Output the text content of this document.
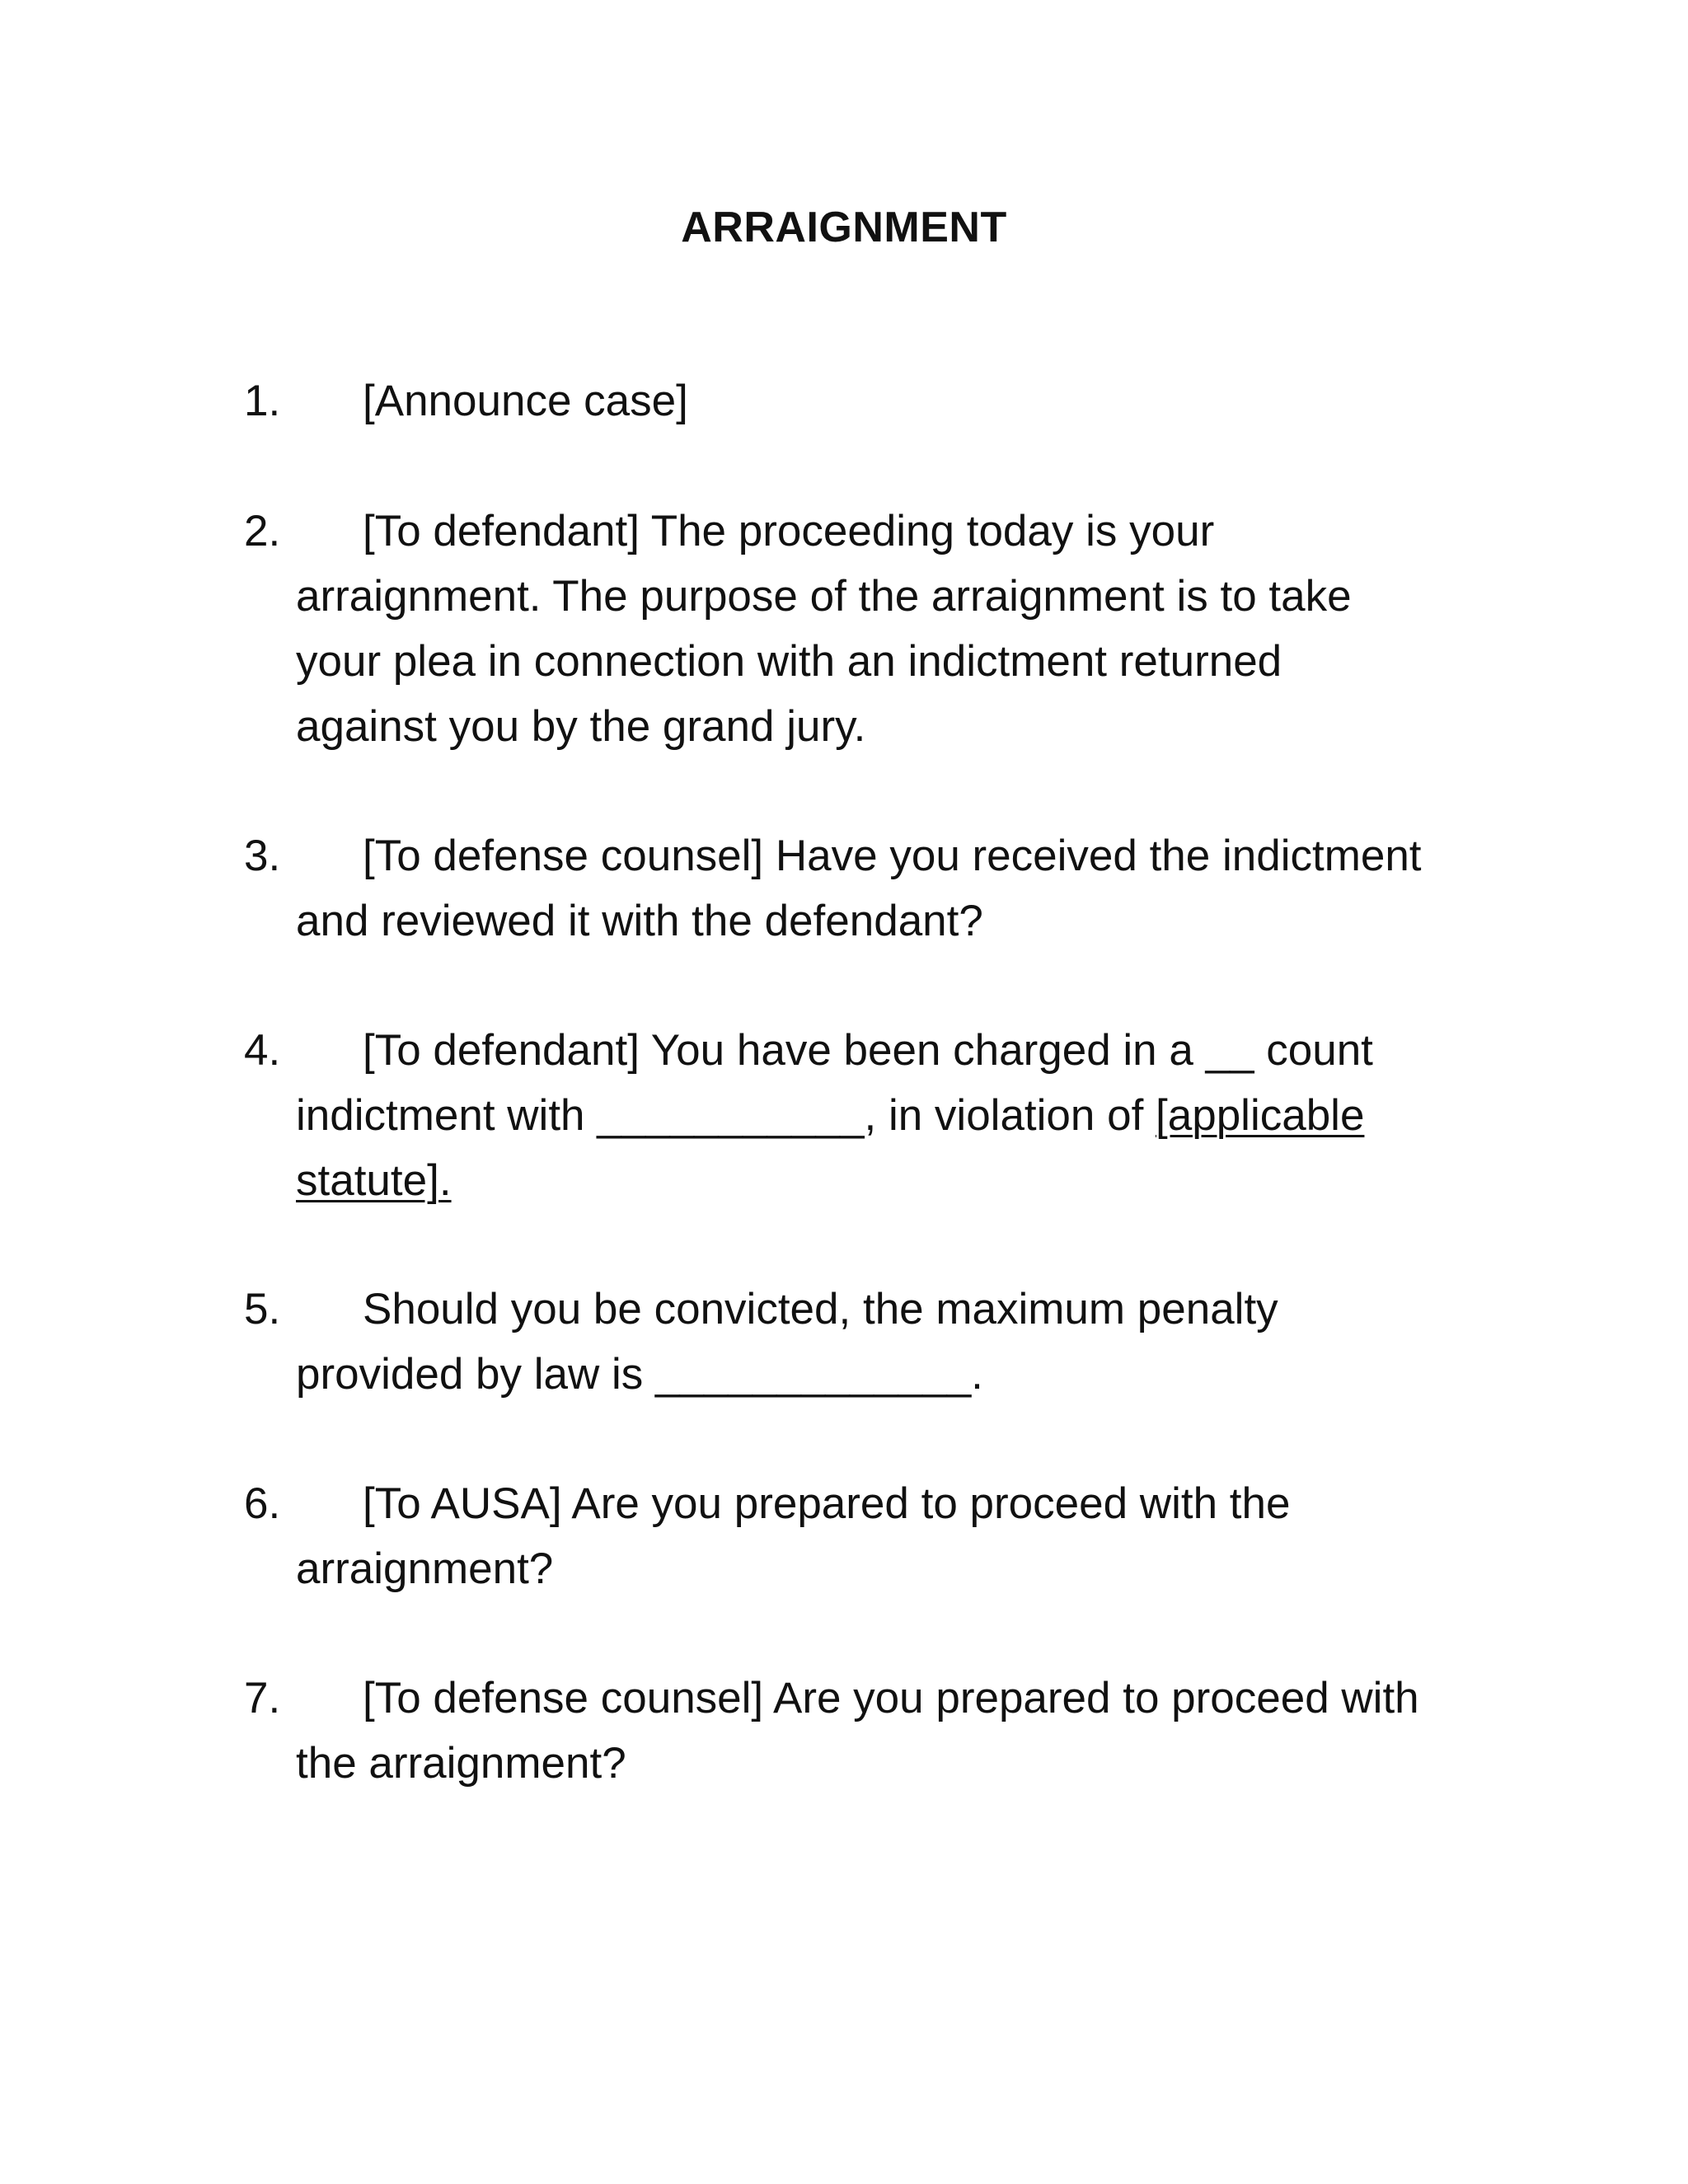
ARRAIGNMENT
1. [Announce case]
2. [To defendant] The proceeding today is your
arraignment. The purpose of the arraignment is to take
your plea in connection with an indictment returned
against you by the grand jury.
3. [To defense counsel] Have you received the indictment
and reviewed it with the defendant?
4. [To defendant] You have been charged in a __ count
indictment with ___________, in violation of [applicable
statute].
5. Should you be convicted, the maximum penalty
provided by law is _____________.
6. [To AUSA] Are you prepared to proceed with the
arraignment?
7. [To defense counsel] Are you prepared to proceed with
the arraignment?
